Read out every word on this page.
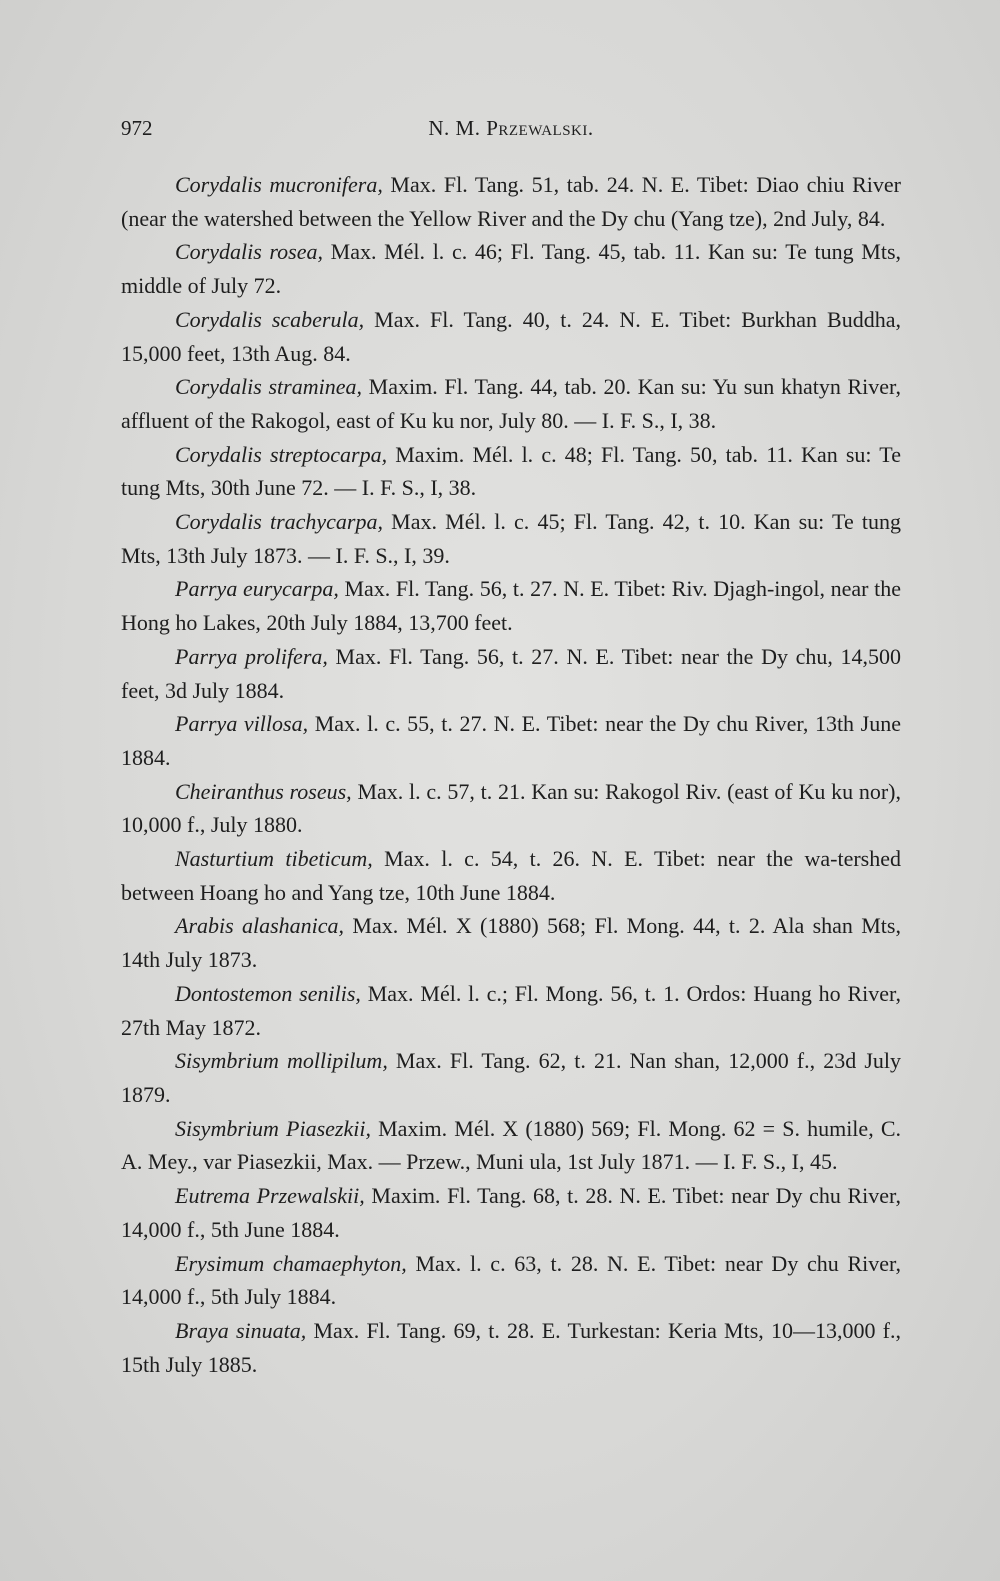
972	N. M. Przewalski.

Corydalis mucronifera, Max. Fl. Tang. 51, tab. 24. N. E. Tibet: Diao chiu River (near the watershed between the Yellow River and the Dy chu (Yang tze), 2nd July, 84.

Corydalis rosea, Max. Mél. l. c. 46; Fl. Tang. 45, tab. 11. Kan su: Te tung Mts, middle of July 72.

Corydalis scaberula, Max. Fl. Tang. 40, t. 24. N. E. Tibet: Burkhan Buddha, 15,000 feet, 13th Aug. 84.

Corydalis straminea, Maxim. Fl. Tang. 44, tab. 20. Kan su: Yu sun khatyn River, affluent of the Rakogol, east of Ku ku nor, July 80. — I. F. S., I, 38.

Corydalis streptocarpa, Maxim. Mél. l. c. 48; Fl. Tang. 50, tab. 11. Kan su: Te tung Mts, 30th June 72. — I. F. S., I, 38.

Corydalis trachycarpa, Max. Mél. l. c. 45; Fl. Tang. 42, t. 10. Kan su: Te tung Mts, 13th July 1873. — I. F. S., I, 39.

Parrya eurycarpa, Max. Fl. Tang. 56, t. 27. N. E. Tibet: Riv. Djagh-ingol, near the Hong ho Lakes, 20th July 1884, 13,700 feet.

Parrya prolifera, Max. Fl. Tang. 56, t. 27. N. E. Tibet: near the Dy chu, 14,500 feet, 3d July 1884.

Parrya villosa, Max. l. c. 55, t. 27. N. E. Tibet: near the Dy chu River, 13th June 1884.

Cheiranthus roseus, Max. l. c. 57, t. 21. Kan su: Rakogol Riv. (east of Ku ku nor), 10,000 f., July 1880.

Nasturtium tibeticum, Max. l. c. 54, t. 26. N. E. Tibet: near the wa-tershed between Hoang ho and Yang tze, 10th June 1884.

Arabis alashanica, Max. Mél. X (1880) 568; Fl. Mong. 44, t. 2. Ala shan Mts, 14th July 1873.

Dontostemon senilis, Max. Mél. l. c.; Fl. Mong. 56, t. 1. Ordos: Huang ho River, 27th May 1872.

Sisymbrium mollipilum, Max. Fl. Tang. 62, t. 21. Nan shan, 12,000 f., 23d July 1879.

Sisymbrium Piasezkii, Maxim. Mél. X (1880) 569; Fl. Mong. 62 = S. humile, C. A. Mey., var Piasezkii, Max. — Przew., Muni ula, 1st July 1871. — I. F. S., I, 45.

Eutrema Przewalskii, Maxim. Fl. Tang. 68, t. 28. N. E. Tibet: near Dy chu River, 14,000 f., 5th June 1884.

Erysimum chamaephyton, Max. l. c. 63, t. 28. N. E. Tibet: near Dy chu River, 14,000 f., 5th July 1884.

Braya sinuata, Max. Fl. Tang. 69, t. 28. E. Turkestan: Keria Mts, 10—13,000 f., 15th July 1885.
